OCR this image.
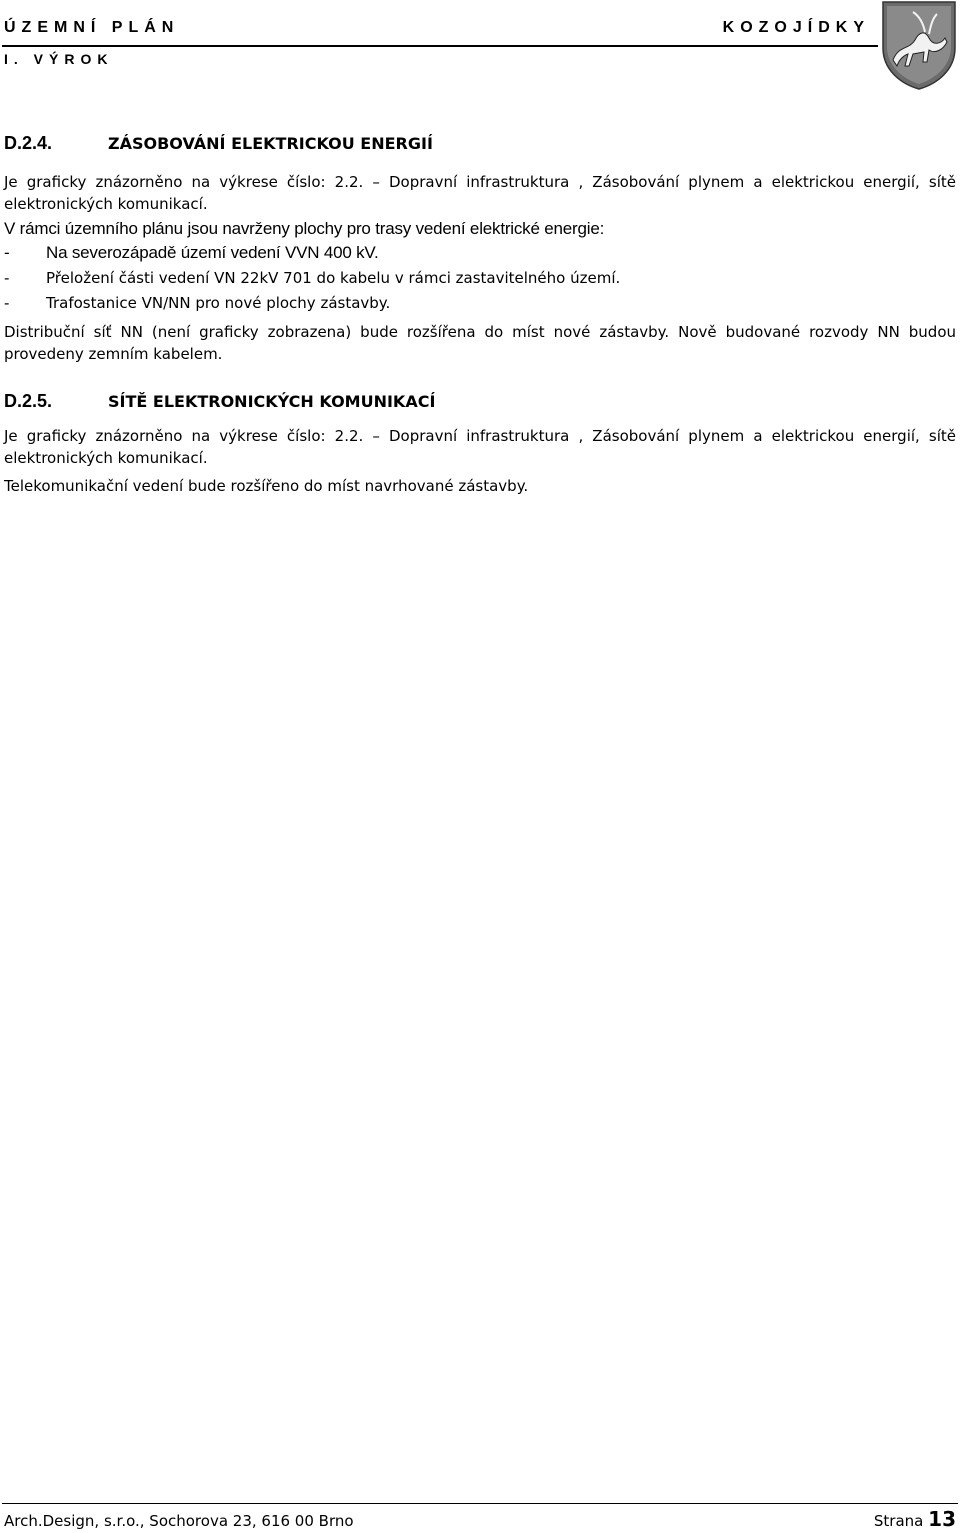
ÚZEMNÍ PLÁN	KOZOJÍDKY
I. VÝROK
D.2.4.	ZÁSOBOVÁNÍ ELEKTRICKOU ENERGIÍ
Je graficky znázorněno na výkrese číslo: 2.2. – Dopravní infrastruktura , Zásobování plynem a elektrickou energií, sítě elektronických komunikací.
V rámci územního plánu jsou navrženy plochy pro trasy vedení elektrické energie:
- Na severozápadě území vedení VVN 400 kV.
- Přeložení části vedení VN 22kV 701 do kabelu v rámci zastavitelného území.
- Trafostanice VN/NN pro nové plochy zástavby.
Distribuční síť NN (není graficky zobrazena) bude rozšířena do míst nové zástavby. Nově budované rozvody NN budou provedeny zemním kabelem.
D.2.5.	SÍTĚ ELEKTRONICKÝCH KOMUNIKACÍ
Je graficky znázorněno na výkrese číslo: 2.2. – Dopravní infrastruktura , Zásobování plynem a elektrickou energií, sítě elektronických komunikací.
Telekomunikační vedení bude rozšířeno do míst navrhované zástavby.
Arch.Design, s.r.o., Sochorova 23, 616 00 Brno	Strana 13
